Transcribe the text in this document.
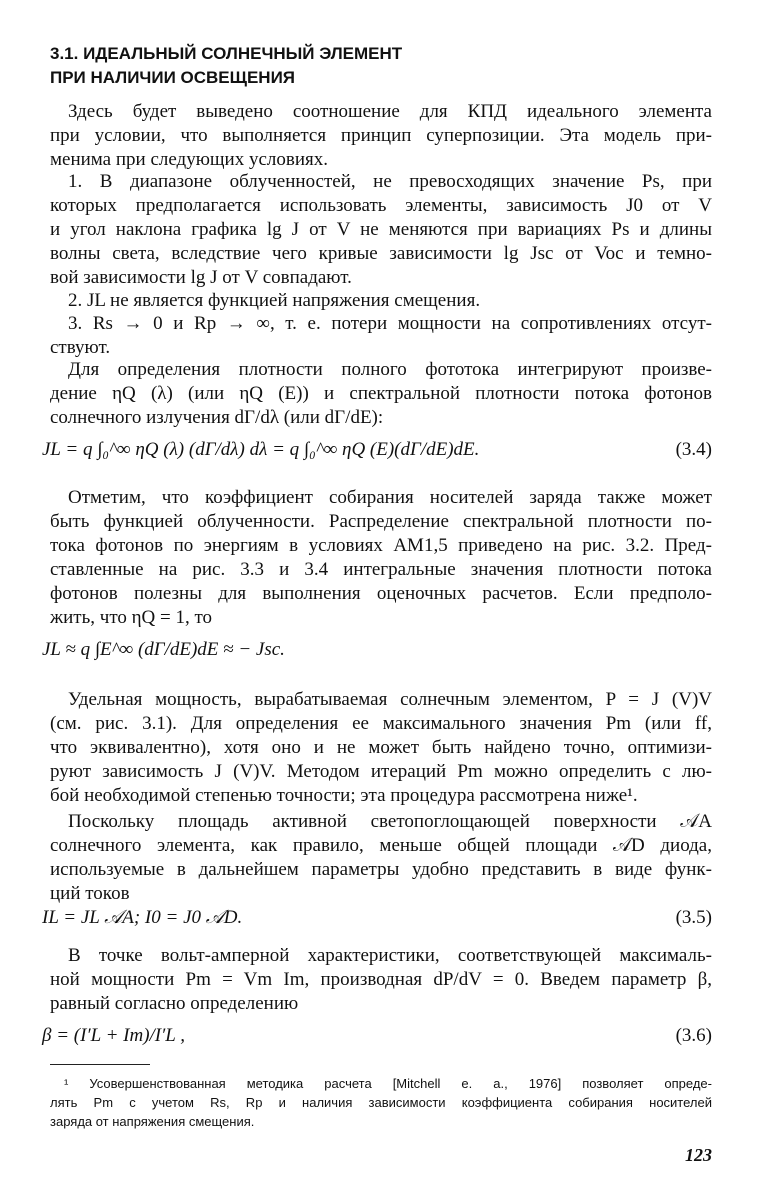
3.1. ИДЕАЛЬНЫЙ СОЛНЕЧНЫЙ ЭЛЕМЕНТ
ПРИ НАЛИЧИИ ОСВЕЩЕНИЯ
Здесь будет выведено соотношение для КПД идеального элемента
при условии, что выполняется принцип суперпозиции. Эта модель при-
менима при следующих условиях.
1. В диапазоне облученностей, не превосходящих значение Ps, при
которых предполагается использовать элементы, зависимость J0 от V
и угол наклона графика lg J от V не меняются при вариациях Ps и длины
волны света, вследствие чего кривые зависимости lg Jsc от Voc и темно-
вой зависимости lg J от V совпадают.
2. JL не является функцией напряжения смещения.
3. Rs → 0 и Rp → ∞, т. е. потери мощности на сопротивлениях отсут-
ствуют.
Для определения плотности полного фототока интегрируют произве-
дение ηQ (λ) (или ηQ (E)) и спектральной плотности потока фотонов
солнечного излучения dΓ/dλ (или dΓ/dE):
JL = q ∫₀^∞ ηQ (λ) (dΓ/dλ) dλ = q ∫₀^∞ ηQ (E)(dΓ/dE)dE.	(3.4)
Отметим, что коэффициент собирания носителей заряда также может
быть функцией облученности. Распределение спектральной плотности по-
тока фотонов по энергиям в условиях AM1,5 приведено на рис. 3.2. Пред-
ставленные на рис. 3.3 и 3.4 интегральные значения плотности потока
фотонов полезны для выполнения оценочных расчетов. Если предполо-
жить, что ηQ = 1, то
JL ≈ q ∫E^∞ (dΓ/dE)dE ≈ − Jsc.
Удельная мощность, вырабатываемая солнечным элементом, P = J (V)V
(см. рис. 3.1). Для определения ее максимального значения Pm (или ff,
что эквивалентно), хотя оно и не может быть найдено точно, оптимизи-
руют зависимость J (V)V. Методом итераций Pm можно определить с лю-
бой необходимой степенью точности; эта процедура рассмотрена ниже¹.
Поскольку площадь активной светопоглощающей поверхности 𝒜A
солнечного элемента, как правило, меньше общей площади 𝒜D диода,
используемые в дальнейшем параметры удобно представить в виде функ-
ций токов
IL = JL 𝒜A; I0 = J0 𝒜D.	(3.5)
В точке вольт-амперной характеристики, соответствующей максималь-
ной мощности Pm = Vm Im, производная dP/dV = 0. Введем параметр β,
равный согласно определению
β = (I′L + Im)/I′L ,	(3.6)
¹ Усовершенствованная методика расчета [Mitchell e. a., 1976] позволяет опреде-
лять Pm с учетом Rs, Rp и наличия зависимости коэффициента собирания носителей
заряда от напряжения смещения.
123
